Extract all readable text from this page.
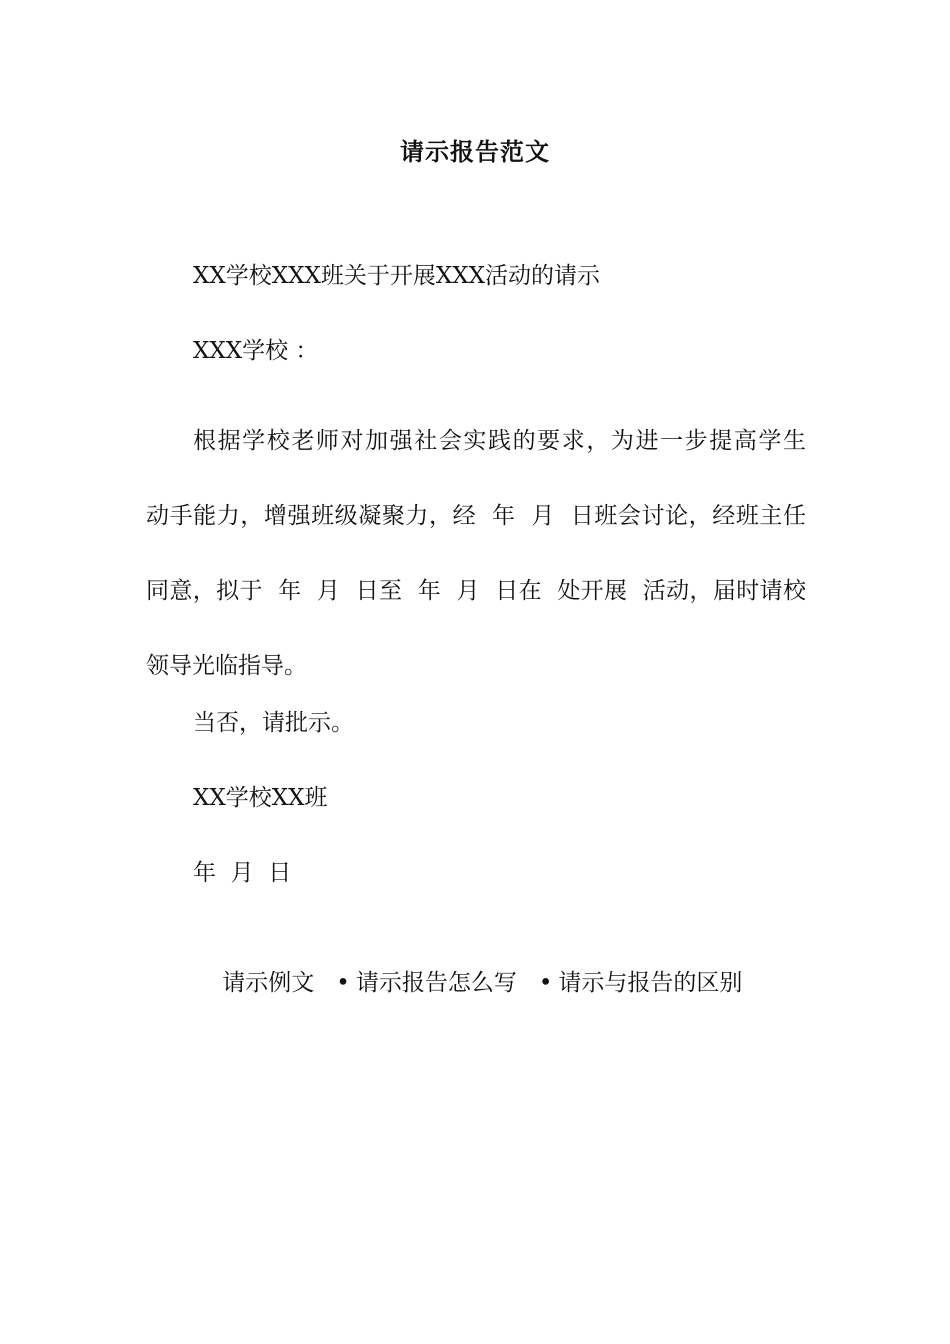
请示报告范文
XX学校XXX班关于开展XXX活动的请示
XXX学校 ：
根据学校老师对加强社会实践的要求，为进一步提高学生
动手能力，增强班级凝聚力，经  年  月  日班会讨论，经班主任
同意，拟于  年  月  日至  年  月  日在  处开展  活动，届时请校
领导光临指导。
当否，请批示。
XX学校XX班
年  月  日

请示例文 • 请示报告怎么写 • 请示与报告的区别
